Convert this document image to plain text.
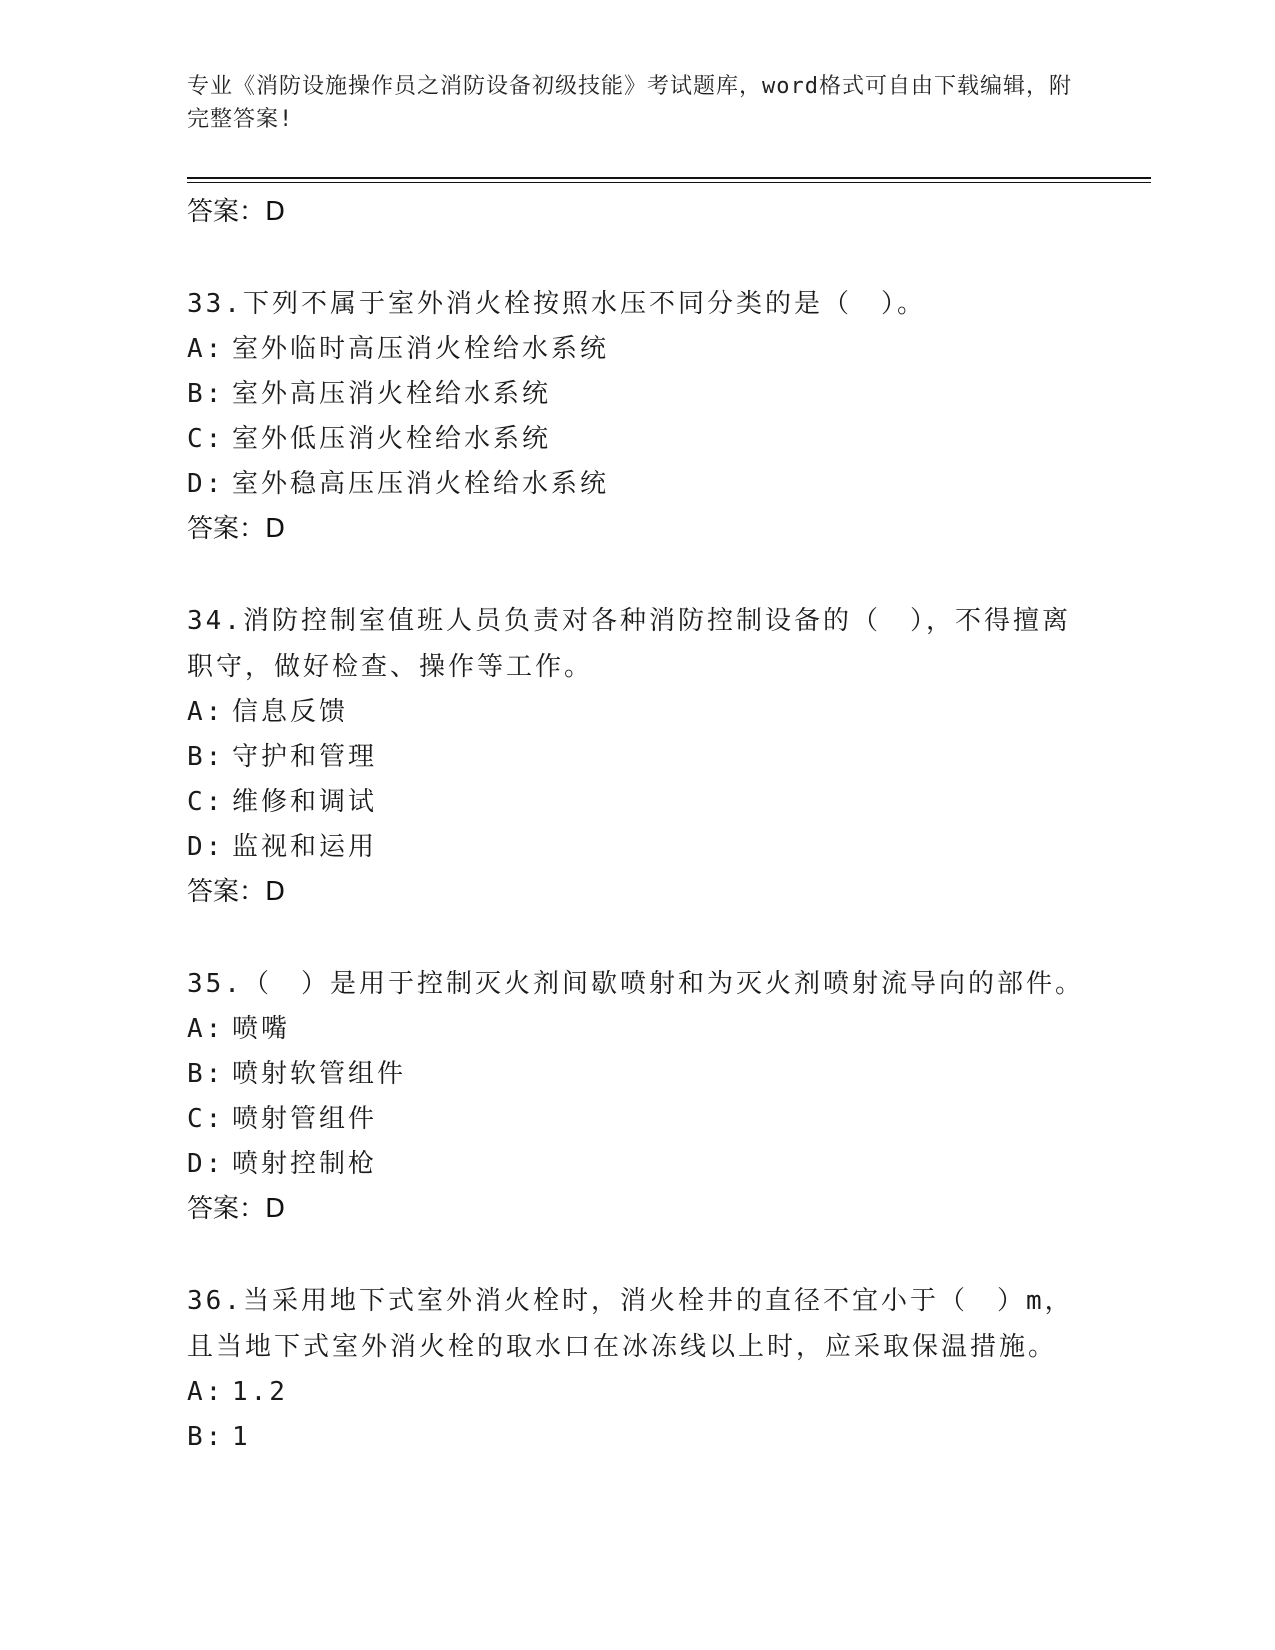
专业《消防设施操作员之消防设备初级技能》考试题库，word格式可自由下载编辑，附完整答案!
答案：D
33.下列不属于室外消火栓按照水压不同分类的是（　）。
A: 室外临时高压消火栓给水系统
B: 室外高压消火栓给水系统
C: 室外低压消火栓给水系统
D: 室外稳高压压消火栓给水系统
答案：D
34.消防控制室值班人员负责对各种消防控制设备的（　），不得擅离职守，做好检查、操作等工作。
A: 信息反馈
B: 守护和管理
C: 维修和调试
D: 监视和运用
答案：D
35.（　）是用于控制灭火剂间歇喷射和为灭火剂喷射流导向的部件。
A: 喷嘴
B: 喷射软管组件
C: 喷射管组件
D: 喷射控制枪
答案：D
36.当采用地下式室外消火栓时，消火栓井的直径不宜小于（　）m，且当地下式室外消火栓的取水口在冰冻线以上时，应采取保温措施。
A: 1.2
B: 1
